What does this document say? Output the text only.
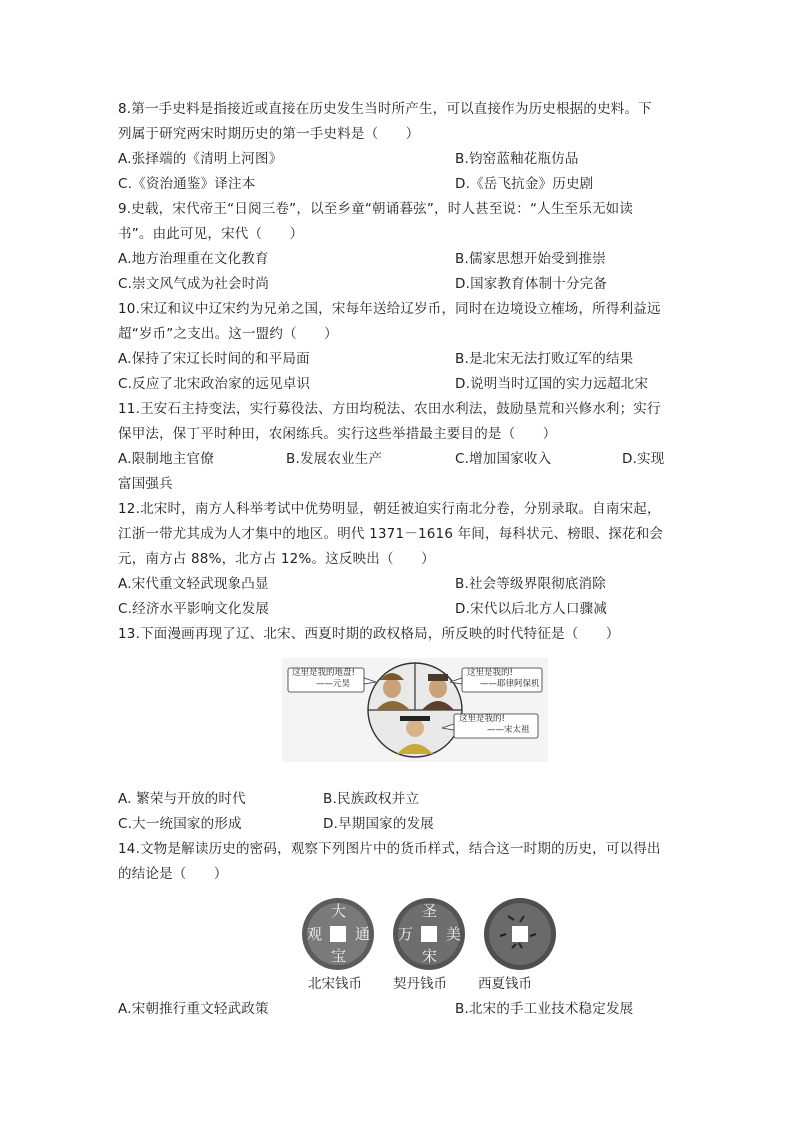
8.第一手史料是指接近或直接在历史发生当时所产生，可以直接作为历史根据的史料。下
列属于研究两宋时期历史的第一手史料是（　　）
A.张择端的《清明上河图》	B.钧窑蓝釉花瓶仿品
C.《资治通鉴》译注本	D.《岳飞抗金》历史剧
9.史载，宋代帝王“日阅三卷”，以至乡童“朝诵暮弦”，时人甚至说：“人生至乐无如读
书”。由此可见，宋代（　　）
A.地方治理重在文化教育	B.儒家思想开始受到推崇
C.崇文风气成为社会时尚	D.国家教育体制十分完备
10.宋辽和议中辽宋约为兄弟之国，宋每年送给辽岁币，同时在边境设立榷场，所得利益远
超“岁币”之支出。这一盟约（　　）
A.保持了宋辽长时间的和平局面	B.是北宋无法打败辽军的结果
C.反应了北宋政治家的远见卓识	D.说明当时辽国的实力远超北宋
11.王安石主持变法，实行募役法、方田均税法、农田水利法，鼓励垦荒和兴修水利；实行
保甲法，保丁平时种田，农闲练兵。实行这些举措最主要目的是（　　）
A.限制地主官僚	B.发展农业生产	C.增加国家收入	D.实现
富国强兵
12.北宋时，南方人科举考试中优势明显，朝廷被迫实行南北分卷，分别录取。自南宋起，
江浙一带尤其成为人才集中的地区。明代 1371－1616 年间，每科状元、榜眼、探花和会
元，南方占 88%，北方占 12%。这反映出（　　）
A.宋代重文轻武现象凸显	B.社会等级界限彻底消除
C.经济水平影响文化发展	D.宋代以后北方人口骤减
13.下面漫画再现了辽、北宋、西夏时期的政权格局，所反映的时代特征是（　　）
这里是我的地盘!
——元昊
这里是我的!
——耶律阿保机
这里是我的!
——宋太祖
A. 繁荣与开放的时代	B.民族政权并立
C.大一统国家的形成	D.早期国家的发展
14.文物是解读历史的密码，观察下列图片中的货币样式，结合这一时期的历史，可以得出
的结论是（　　）
大
通
宝
观
圣
万 美
宋
北宋钱币 契丹钱币 西夏钱币
A.宋朝推行重文轻武政策	B.北宋的手工业技术稳定发展
